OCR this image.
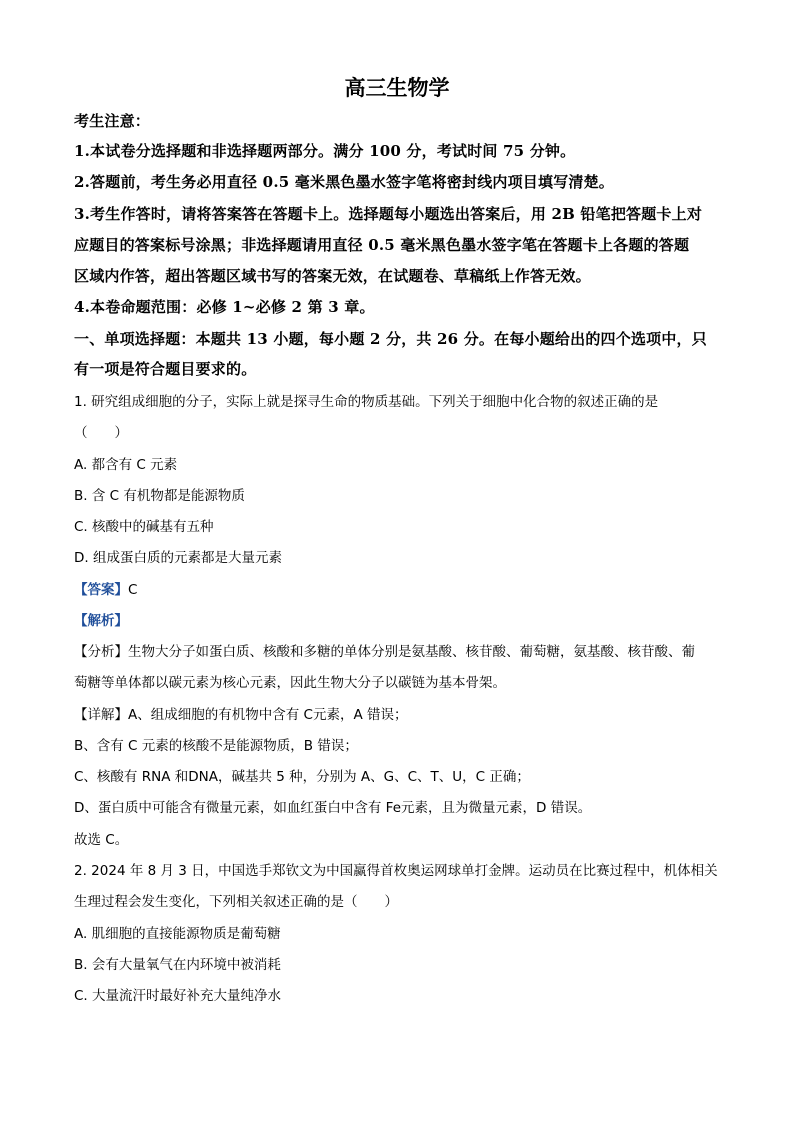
高三生物学
考生注意：
1.本试卷分选择题和非选择题两部分。满分 100 分，考试时间 75 分钟。
2.答题前，考生务必用直径 0.5 毫米黑色墨水签字笔将密封线内项目填写清楚。
3.考生作答时，请将答案答在答题卡上。选择题每小题选出答案后，用 2B 铅笔把答题卡上对
应题目的答案标号涂黑；非选择题请用直径 0.5 毫米黑色墨水签字笔在答题卡上各题的答题
区域内作答，超出答题区域书写的答案无效，在试题卷、草稿纸上作答无效。
4.本卷命题范围：必修 1~必修 2 第 3 章。
一、单项选择题：本题共 13 小题，每小题 2 分，共 26 分。在每小题给出的四个选项中，只
有一项是符合题目要求的。
1. 研究组成细胞的分子，实际上就是探寻生命的物质基础。下列关于细胞中化合物的叙述正确的是
（　　）
A. 都含有 C 元素
B. 含 C 有机物都是能源物质
C. 核酸中的碱基有五种
D. 组成蛋白质的元素都是大量元素
【答案】C
【解析】
【分析】生物大分子如蛋白质、核酸和多糖的单体分别是氨基酸、核苷酸、葡萄糖，氨基酸、核苷酸、葡
萄糖等单体都以碳元素为核心元素，因此生物大分子以碳链为基本骨架。
【详解】A、组成细胞的有机物中含有 C元素，A 错误；
B、含有 C 元素的核酸不是能源物质，B 错误；
C、核酸有 RNA 和DNA，碱基共 5 种，分别为 A、G、C、T、U，C 正确；
D、蛋白质中可能含有微量元素，如血红蛋白中含有 Fe元素，且为微量元素，D 错误。
故选 C。
2. 2024 年 8 月 3 日，中国选手郑钦文为中国赢得首枚奥运网球单打金牌。运动员在比赛过程中，机体相关
生理过程会发生变化，下列相关叙述正确的是（　　）
A. 肌细胞的直接能源物质是葡萄糖
B. 会有大量氧气在内环境中被消耗
C. 大量流汗时最好补充大量纯净水
